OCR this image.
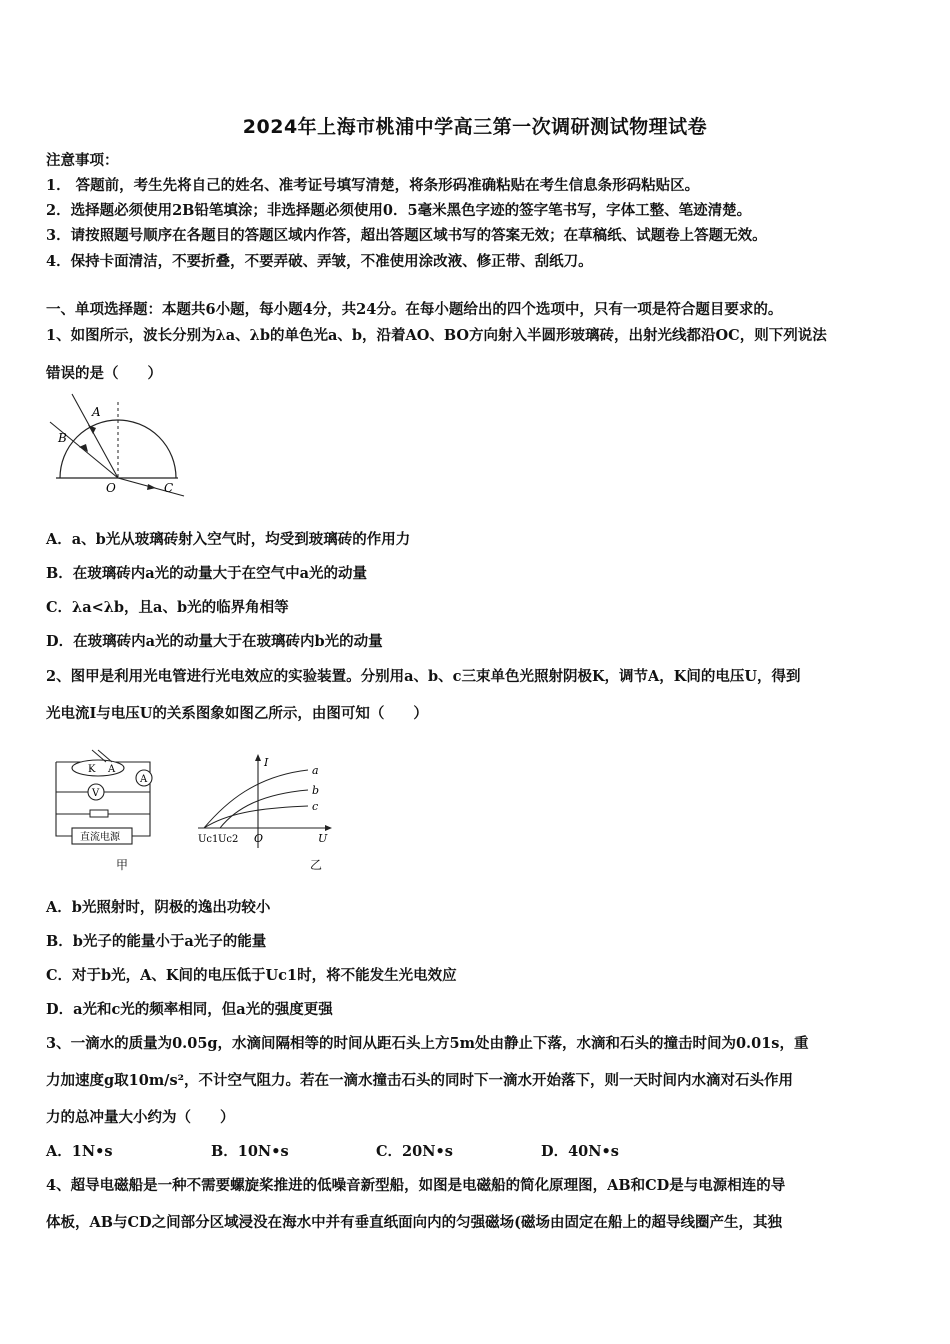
2024年上海市桃浦中学高三第一次调研测试物理试卷
注意事项：
1． 答题前，考生先将自己的姓名、准考证号填写清楚，将条形码准确粘贴在考生信息条形码粘贴区。
2．选择题必须使用2B铅笔填涂；非选择题必须使用0．5毫米黑色字迹的签字笔书写，字体工整、笔迹清楚。
3．请按照题号顺序在各题目的答题区域内作答，超出答题区域书写的答案无效；在草稿纸、试题卷上答题无效。
4．保持卡面清洁，不要折叠，不要弄破、弄皱，不准使用涂改液、修正带、刮纸刀。
一、单项选择题：本题共6小题，每小题4分，共24分。在每小题给出的四个选项中，只有一项是符合题目要求的。
1、如图所示，波长分别为λa、λb的单色光a、b，沿着AO、BO方向射入半圆形玻璃砖，出射光线都沿OC，则下列说法
错误的是（　　）
A
B
O	C
A．a、b光从玻璃砖射入空气时，均受到玻璃砖的作用力
B．在玻璃砖内a光的动量大于在空气中a光的动量
C．λa<λb，且a、b光的临界角相等
D．在玻璃砖内a光的动量大于在玻璃砖内b光的动量
2、图甲是利用光电管进行光电效应的实验装置。分别用a、b、c三束单色光照射阴极K，调节A，K间的电压U，得到
光电流I与电压U的关系图象如图乙所示，由图可知（　　）
K A
A
V
直流电源
甲
I
a
b
c
Uc1 Uc2 O	U
乙
A．b光照射时，阴极的逸出功较小
B．b光子的能量小于a光子的能量
C．对于b光，A、K间的电压低于Uc1时，将不能发生光电效应
D．a光和c光的频率相同，但a光的强度更强
3、一滴水的质量为0.05g，水滴间隔相等的时间从距石头上方5m处由静止下落，水滴和石头的撞击时间为0.01s，重
力加速度g取10m/s²，不计空气阻力。若在一滴水撞击石头的同时下一滴水开始落下，则一天时间内水滴对石头作用
力的总冲量大小约为（　　）
A．1N•s	B．10N•s	C．20N•s	D．40N•s
4、超导电磁船是一种不需要螺旋桨推进的低噪音新型船，如图是电磁船的简化原理图，AB和CD是与电源相连的导
体板，AB与CD之间部分区域浸没在海水中并有垂直纸面向内的匀强磁场(磁场由固定在船上的超导线圈产生，其独
